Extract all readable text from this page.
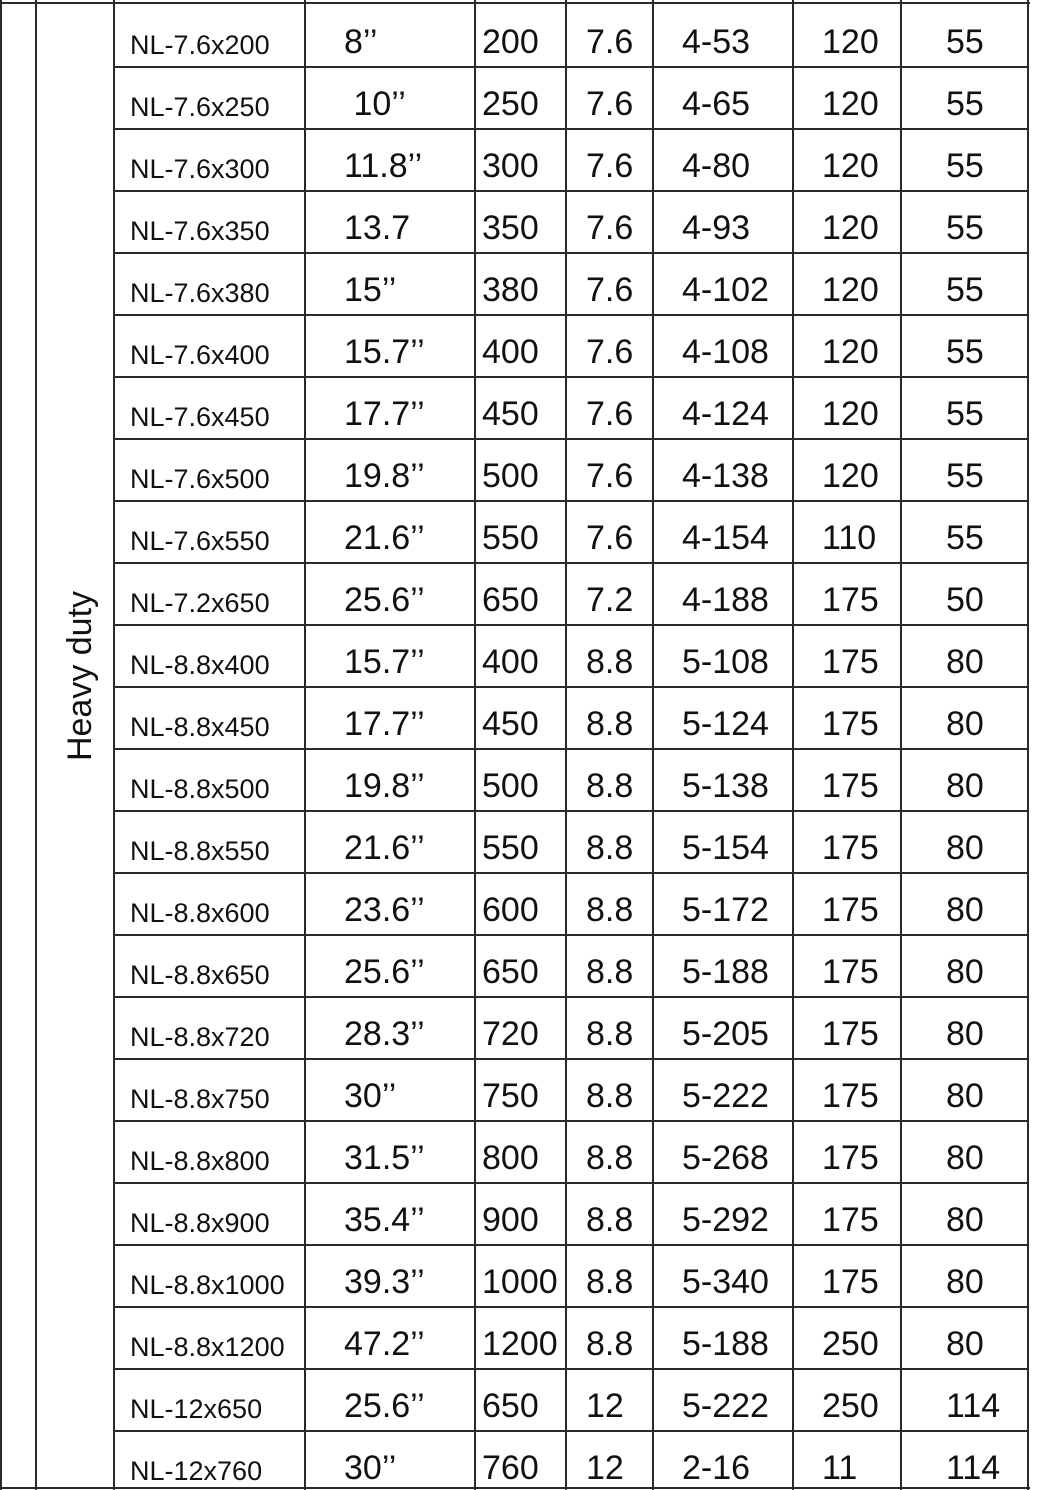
Heavy duty
NL-7.6x200 8’’	200 7.6 4-53 120 55
NL-7.6x250 10’’ 250 7.6 4-65 120 55
NL-7.6x300 11.8’’ 300 7.6 4-80 120 55
NL-7.6x350 13.7 350 7.6 4-93 120 55
NL-7.6x380 15’’	380 7.6 4-102 120 55
NL-7.6x400 15.7’’ 400 7.6 4-108 120 55
NL-7.6x450 17.7’’ 450 7.6 4-124 120 55
NL-7.6x500 19.8’’ 500 7.6 4-138 120 55
NL-7.6x550 21.6’’ 550 7.6 4-154 110 55
NL-7.2x650 25.6’’ 650 7.2 4-188 175 50
NL-8.8x400 15.7’’ 400 8.8 5-108 175 80
NL-8.8x450 17.7’’ 450 8.8 5-124 175 80
NL-8.8x500 19.8’’ 500 8.8 5-138 175 80
NL-8.8x550 21.6’’ 550 8.8 5-154 175 80
NL-8.8x600 23.6’’ 600 8.8 5-172 175 80
NL-8.8x650 25.6’’ 650 8.8 5-188 175 80
NL-8.8x720 28.3’’ 720 8.8 5-205 175 80
NL-8.8x750 30’’	750 8.8 5-222 175 80
NL-8.8x800 31.5’’ 800 8.8 5-268 175 80
NL-8.8x900 35.4’’ 900 8.8 5-292 175 80
NL-8.8x1000 39.3’’ 1000 8.8 5-340 175 80
NL-8.8x1200 47.2’’ 1200 8.8 5-188 250 80
NL-12x650 25.6’’ 650 12 5-222 250 114
NL-12x760 30’’	760 12 2-16 11	114
